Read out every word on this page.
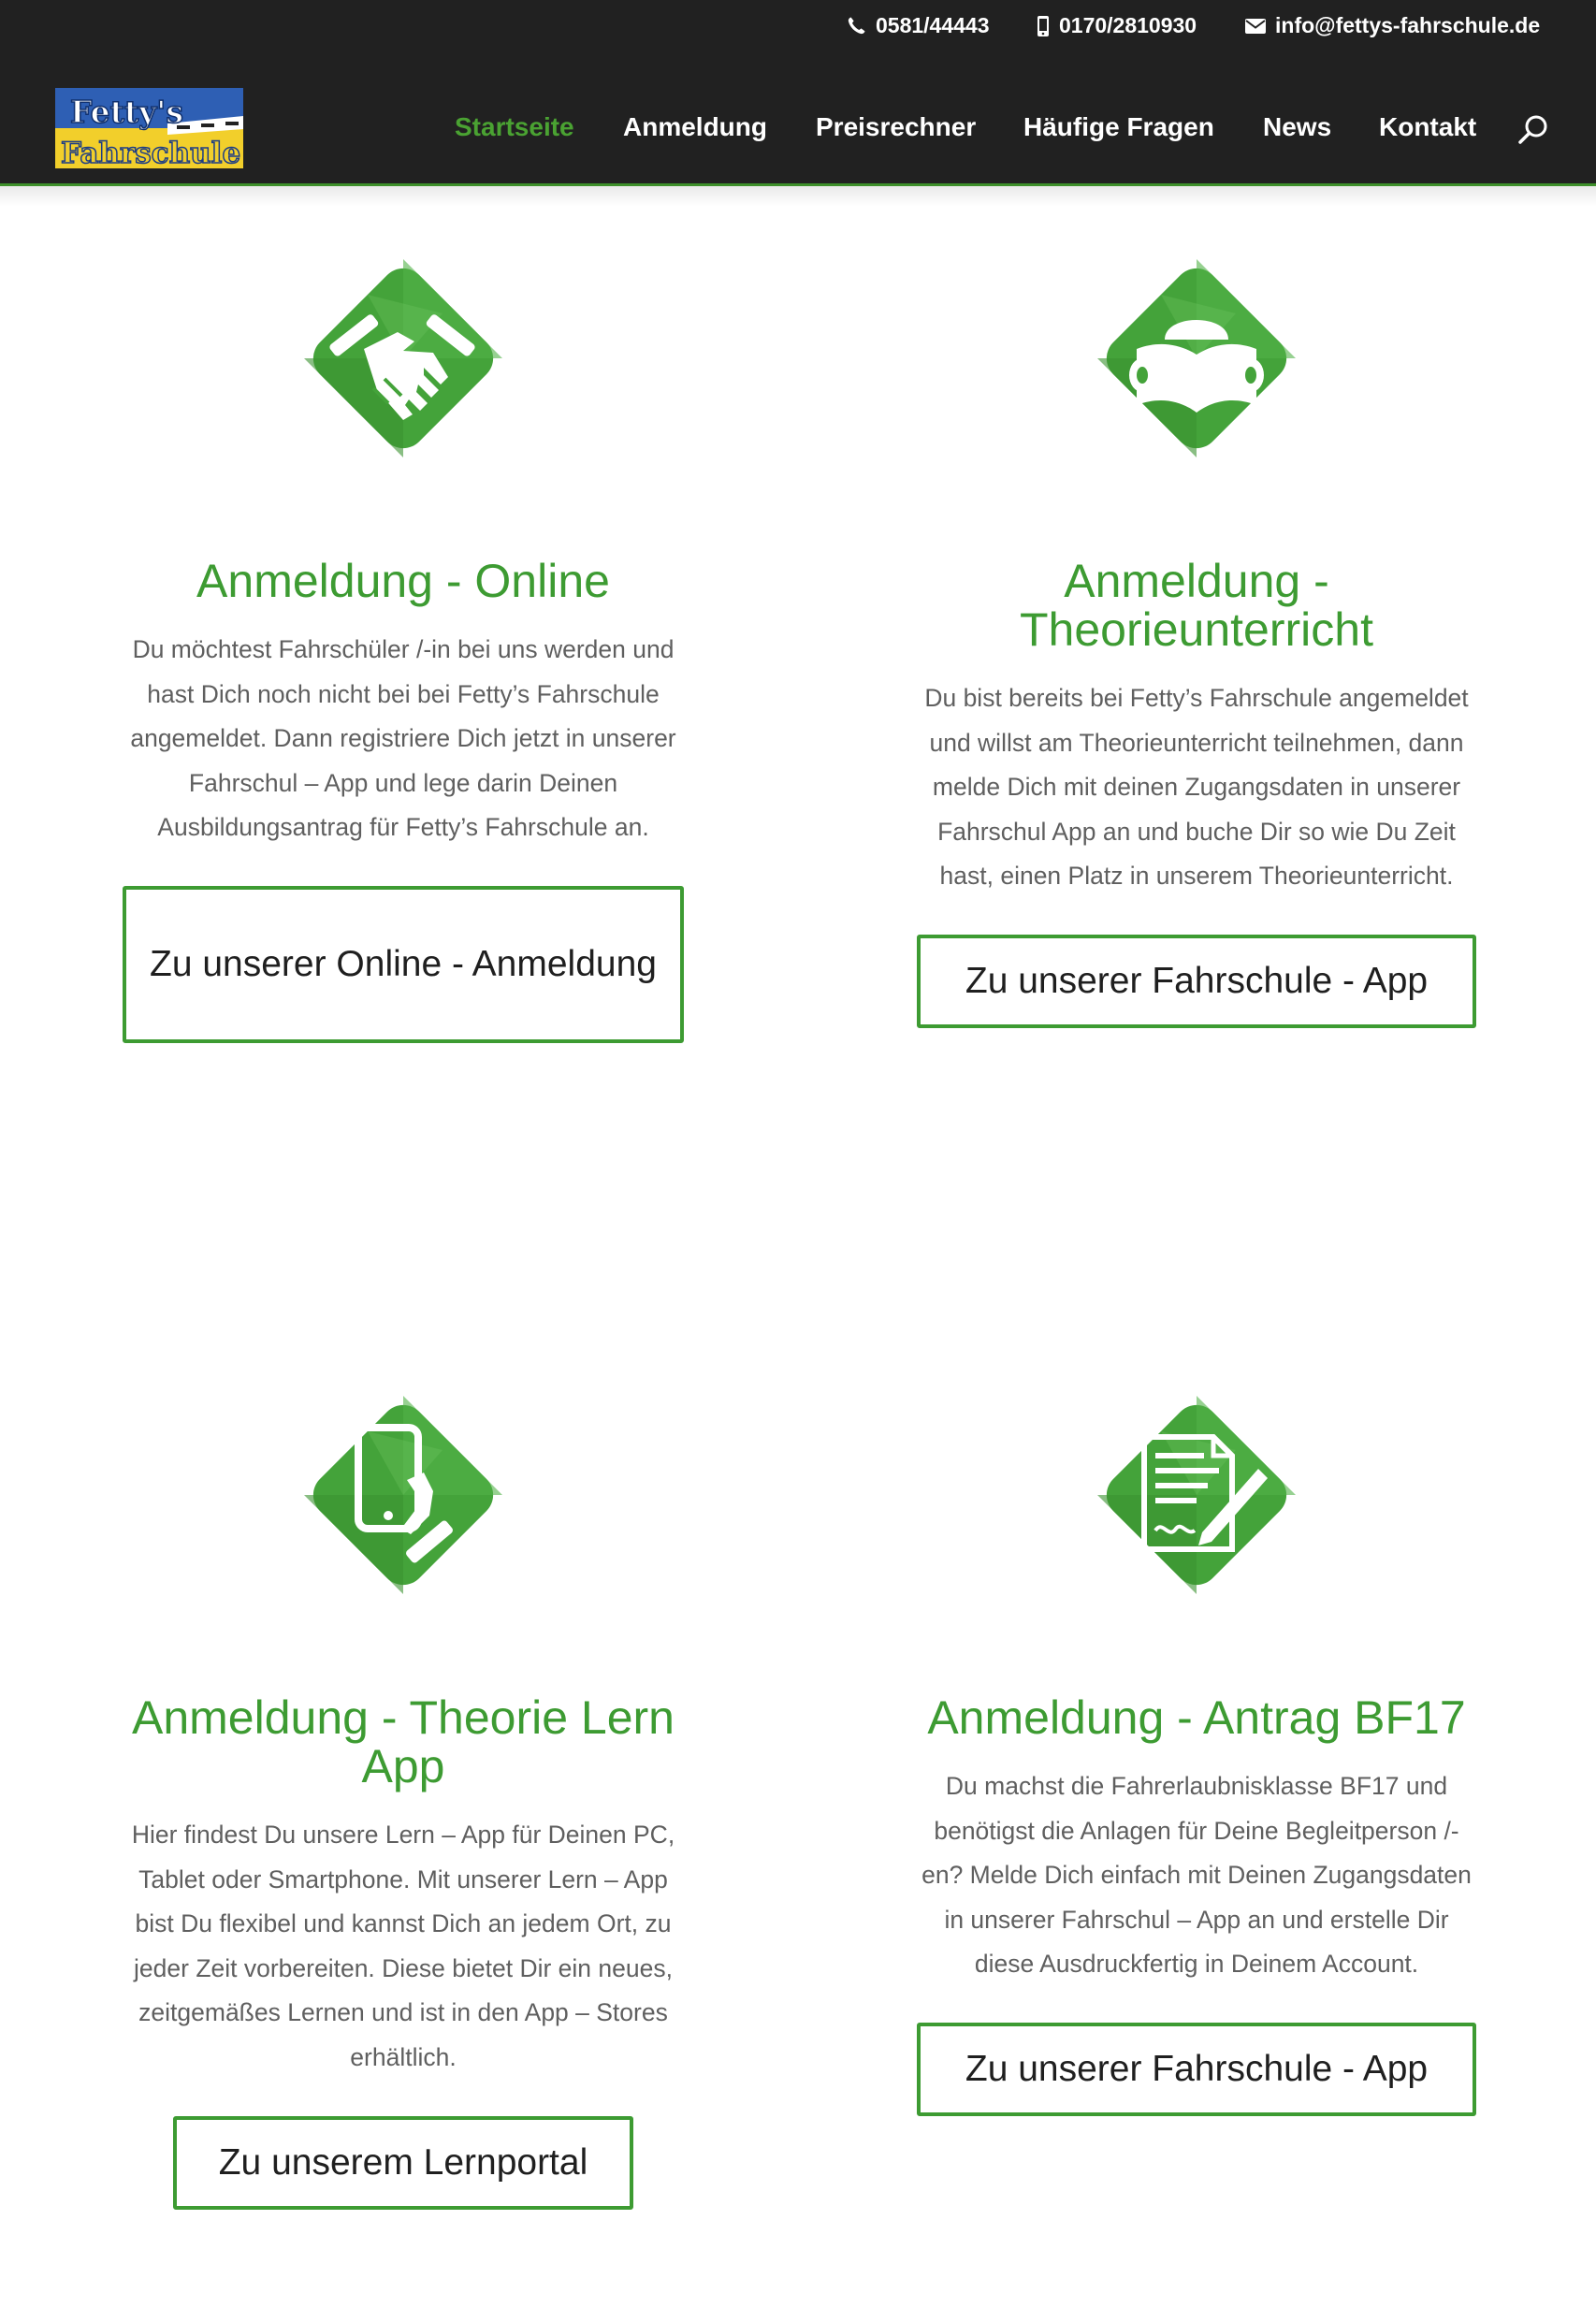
0581/44443	0170/2810930	info@fettys-fahrschule.de
Fetty's
Fahrschule
Startseite Anmeldung Preisrechner Häufige Fragen News Kontakt
Anmeldung - Online
Du möchtest Fahrschüler /-in bei uns werden und hast Dich noch nicht bei bei Fetty’s Fahrschule angemeldet. Dann registriere Dich jetzt in unserer Fahrschul – App und lege darin Deinen Ausbildungsantrag für Fetty’s Fahrschule an.
Zu unserer Online - Anmeldung
Anmeldung - Theorieunterricht
Du bist bereits bei Fetty’s Fahrschule angemeldet und willst am Theorieunterricht teilnehmen, dann melde Dich mit deinen Zugangsdaten in unserer Fahrschul App an und buche Dir so wie Du Zeit hast, einen Platz in unserem Theorieunterricht.
Zu unserer Fahrschule - App
Anmeldung - Theorie Lern App
Hier findest Du unsere Lern – App für Deinen PC, Tablet oder Smartphone. Mit unserer Lern – App bist Du flexibel und kannst Dich an jedem Ort, zu jeder Zeit vorbereiten. Diese bietet Dir ein neues, zeitgemäßes Lernen und ist in den App – Stores erhältlich.
Zu unserem Lernportal
Anmeldung - Antrag BF17
Du machst die Fahrerlaubnisklasse BF17 und benötigst die Anlagen für Deine Begleitperson /-en? Melde Dich einfach mit Deinen Zugangsdaten in unserer Fahrschul – App an und erstelle Dir diese Ausdruckfertig in Deinem Account.
Zu unserer Fahrschule - App
